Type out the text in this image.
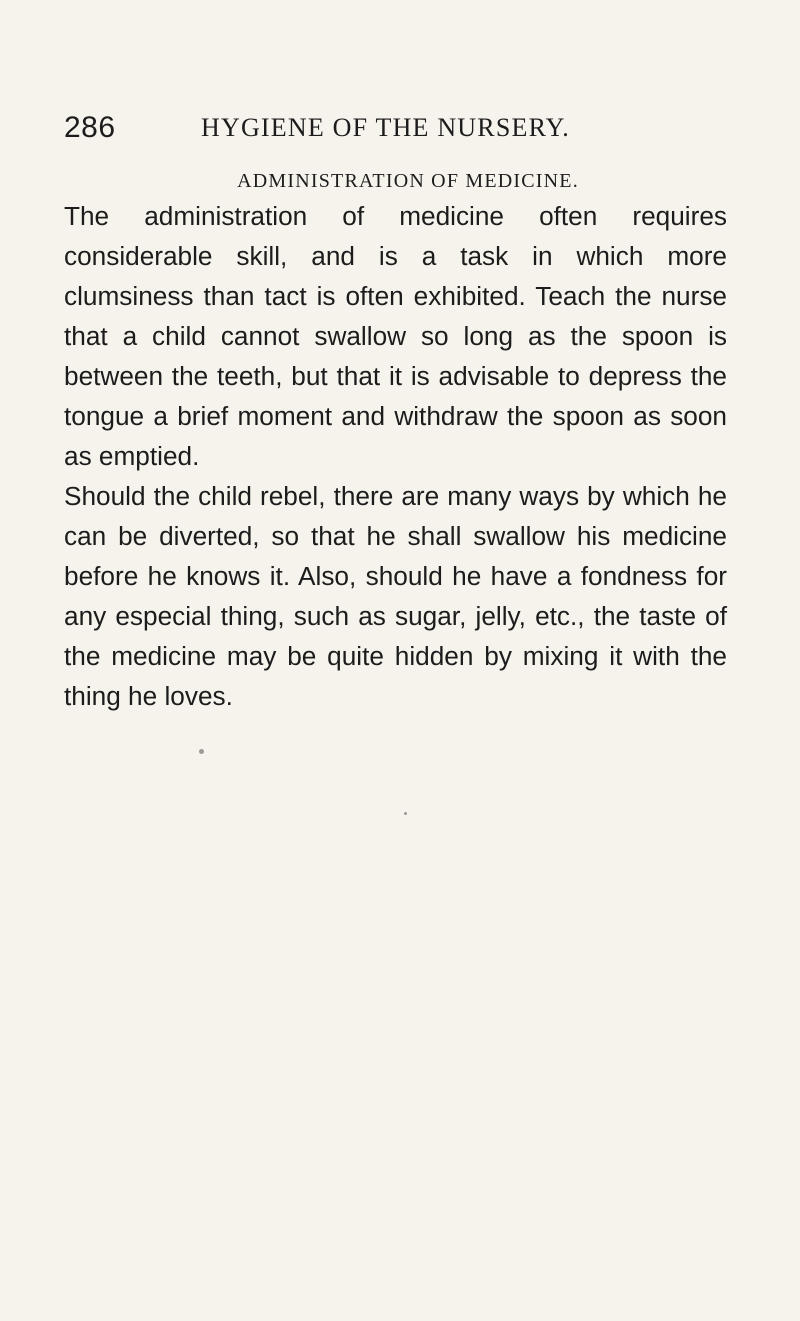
286	HYGIENE OF THE NURSERY.
ADMINISTRATION OF MEDICINE.

The administration of medicine often requires considerable skill, and is a task in which more clumsiness than tact is often exhibited. Teach the nurse that a child cannot swallow so long as the spoon is between the teeth, but that it is advisable to depress the tongue a brief moment and withdraw the spoon as soon as emptied.

Should the child rebel, there are many ways by which he can be diverted, so that he shall swallow his medicine before he knows it. Also, should he have a fondness for any especial thing, such as sugar, jelly, etc., the taste of the medicine may be quite hidden by mixing it with the thing he loves.
